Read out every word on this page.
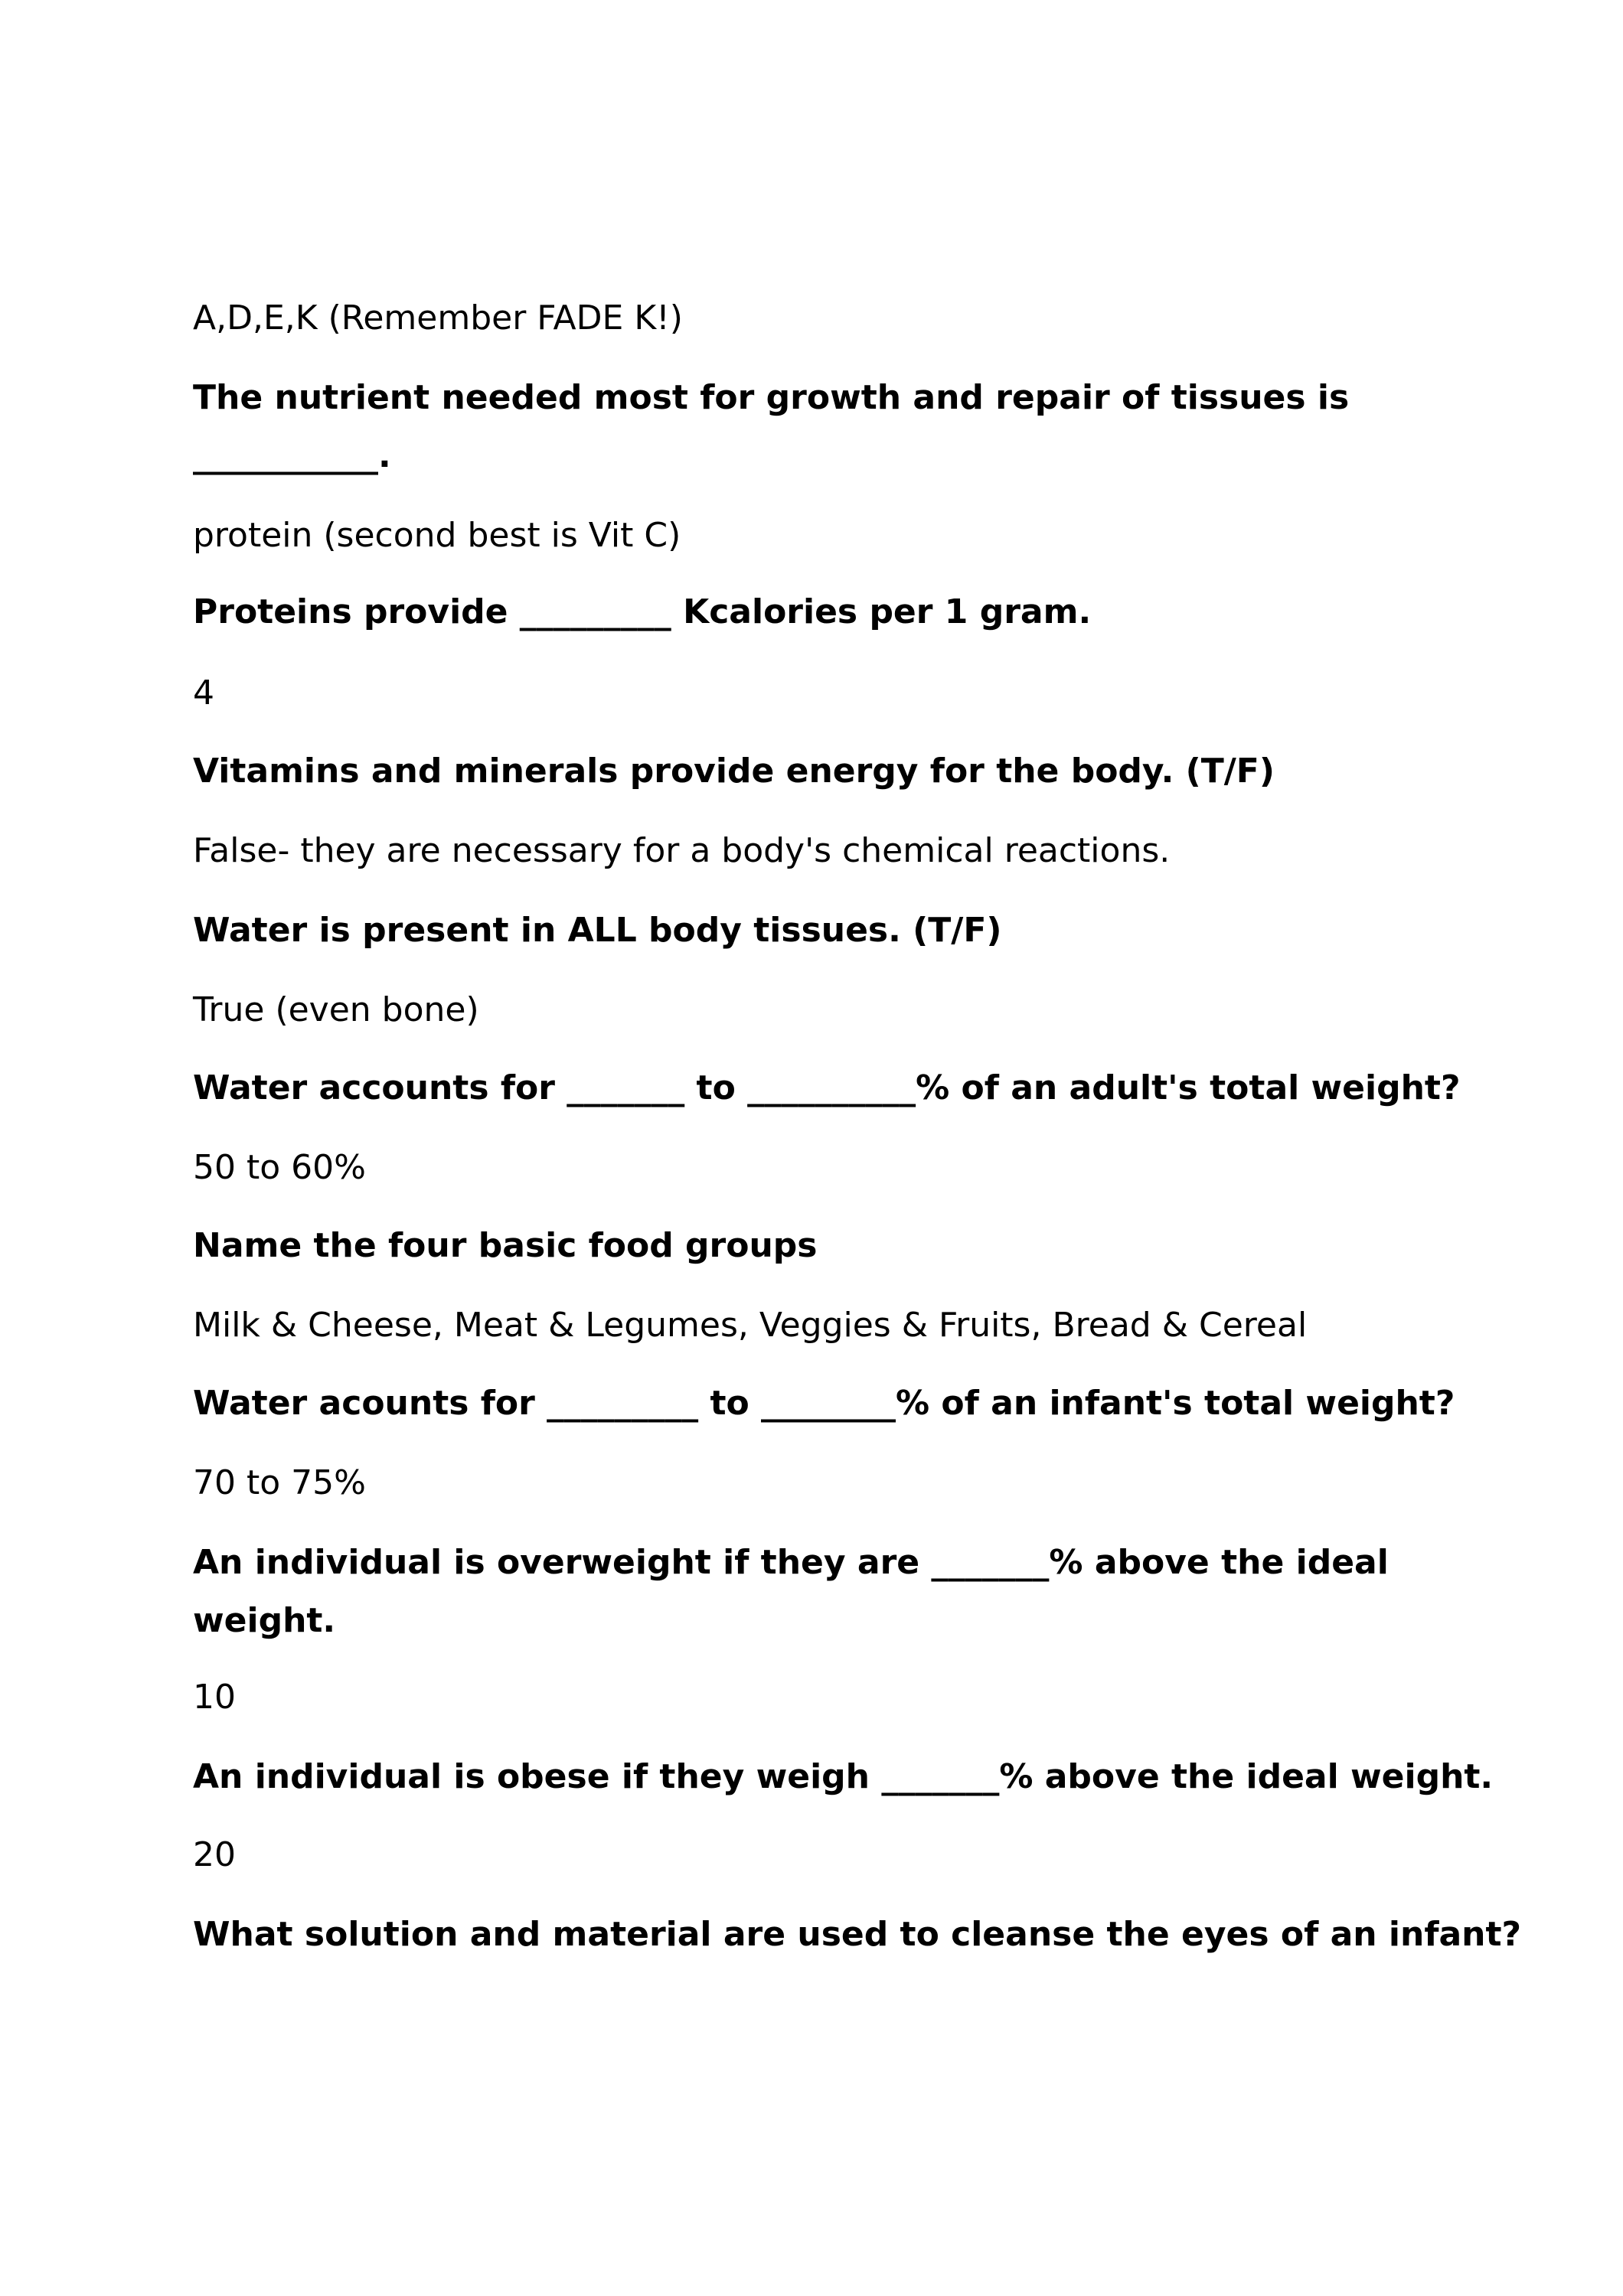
A,D,E,K (Remember FADE K!)
The nutrient needed most for growth and repair of tissues is ___________.
protein (second best is Vit C)
Proteins provide _________ Kcalories per 1 gram.
4
Vitamins and minerals provide energy for the body. (T/F)
False- they are necessary for a body's chemical reactions.
Water is present in ALL body tissues. (T/F)
True (even bone)
Water accounts for _______ to __________% of an adult's total weight?
50 to 60%
Name the four basic food groups
Milk & Cheese, Meat & Legumes, Veggies & Fruits, Bread & Cereal
Water acounts for _________ to ________% of an infant's total weight?
70 to 75%
An individual is overweight if they are _______% above the ideal weight.
10
An individual is obese if they weigh _______% above the ideal weight.
20
What solution and material are used to cleanse the eyes of an infant?
